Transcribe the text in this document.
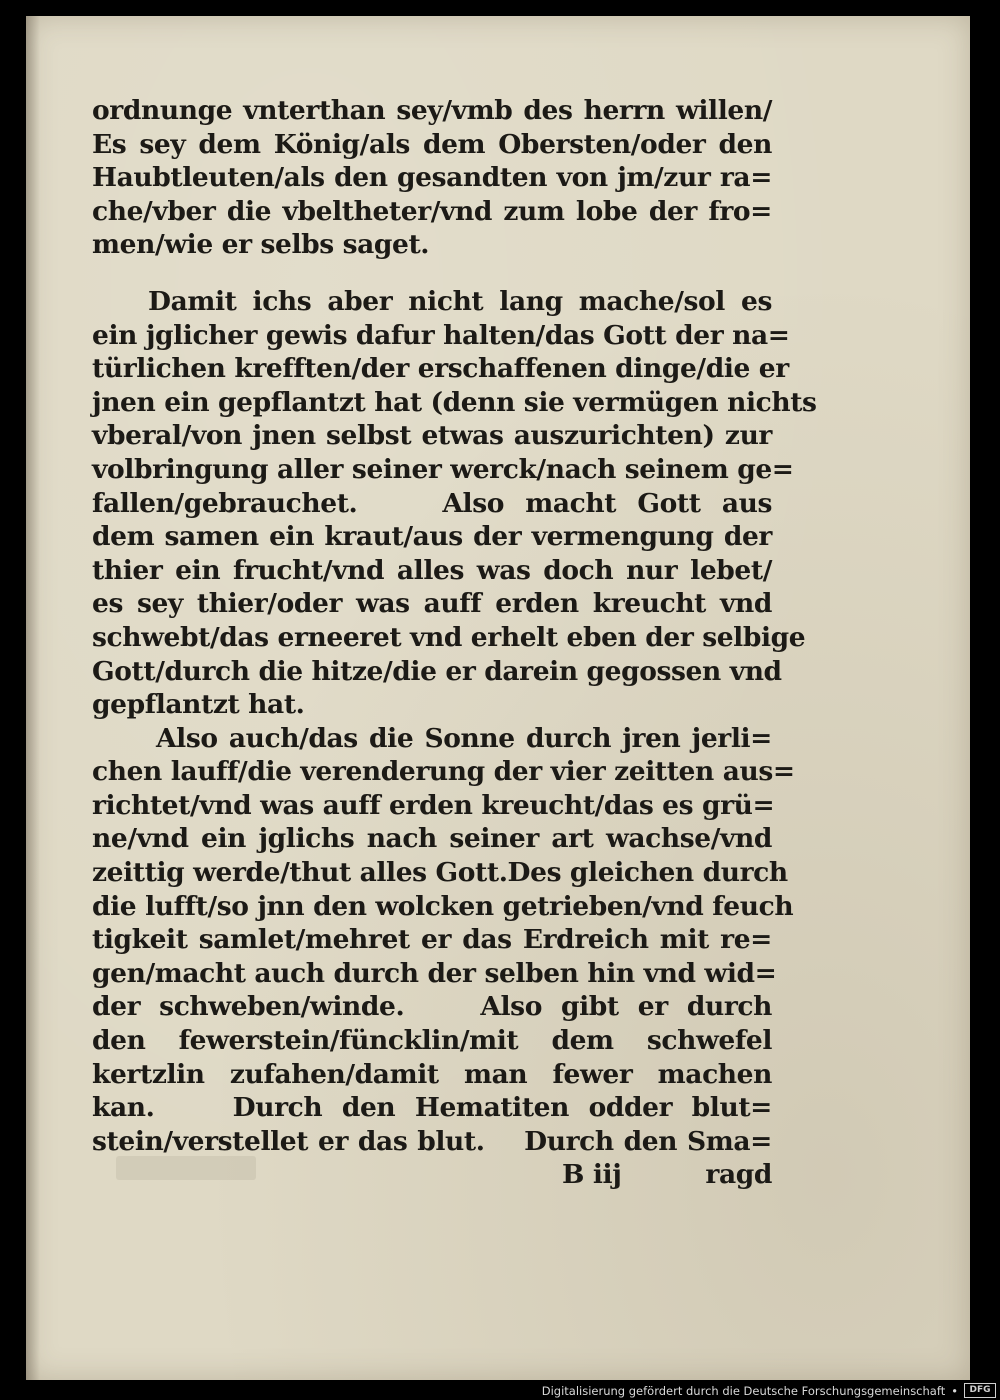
ordnunge vnterthan sey/vmb des herrn willen/
Es sey dem König/als dem Obersten/oder den
Haubtleuten/als den gesandten von jm/zur ra=
che/vber die vbeltheter/vnd zum lobe der fro=
men/wie er selbs saget.
Damit ichs aber nicht lang mache/sol es
ein jglicher gewis dafur halten/das Gott der na=
türlichen krefften/der erschaffenen dinge/die er
jnen ein gepflantzt hat (denn sie vermügen nichts
vberal/von jnen selbst etwas auszurichten) zur
volbringung aller seiner werck/nach seinem ge=
fallen/gebrauchet.    Also macht Gott aus
dem samen ein kraut/aus der vermengung der
thier ein frucht/vnd alles was doch nur lebet/
es sey thier/oder was auff erden kreucht vnd
schwebt/das erneeret vnd erhelt eben der selbige
Gott/durch die hitze/die er darein gegossen vnd
gepflantzt hat.
Also auch/das die Sonne durch jren jerli=
chen lauff/die verenderung der vier zeitten aus=
richtet/vnd was auff erden kreucht/das es grü=
ne/vnd ein jglichs nach seiner art wachse/vnd
zeittig werde/thut alles Gott.Des gleichen durch
die lufft/so jnn den wolcken getrieben/vnd feuch
tigkeit samlet/mehret er das Erdreich mit re=
gen/macht auch durch der selben hin vnd wid=
der schweben/winde.    Also gibt er durch
den fewerstein/füncklin/mit dem schwefel
kertzlin zufahen/damit man fewer machen
kan.    Durch den Hematiten odder blut=
stein/verstellet er das blut.    Durch den Sma=
B iij	ragd
Digitalisierung gefördert durch die Deutsche Forschungsgemeinschaft •	DFG
